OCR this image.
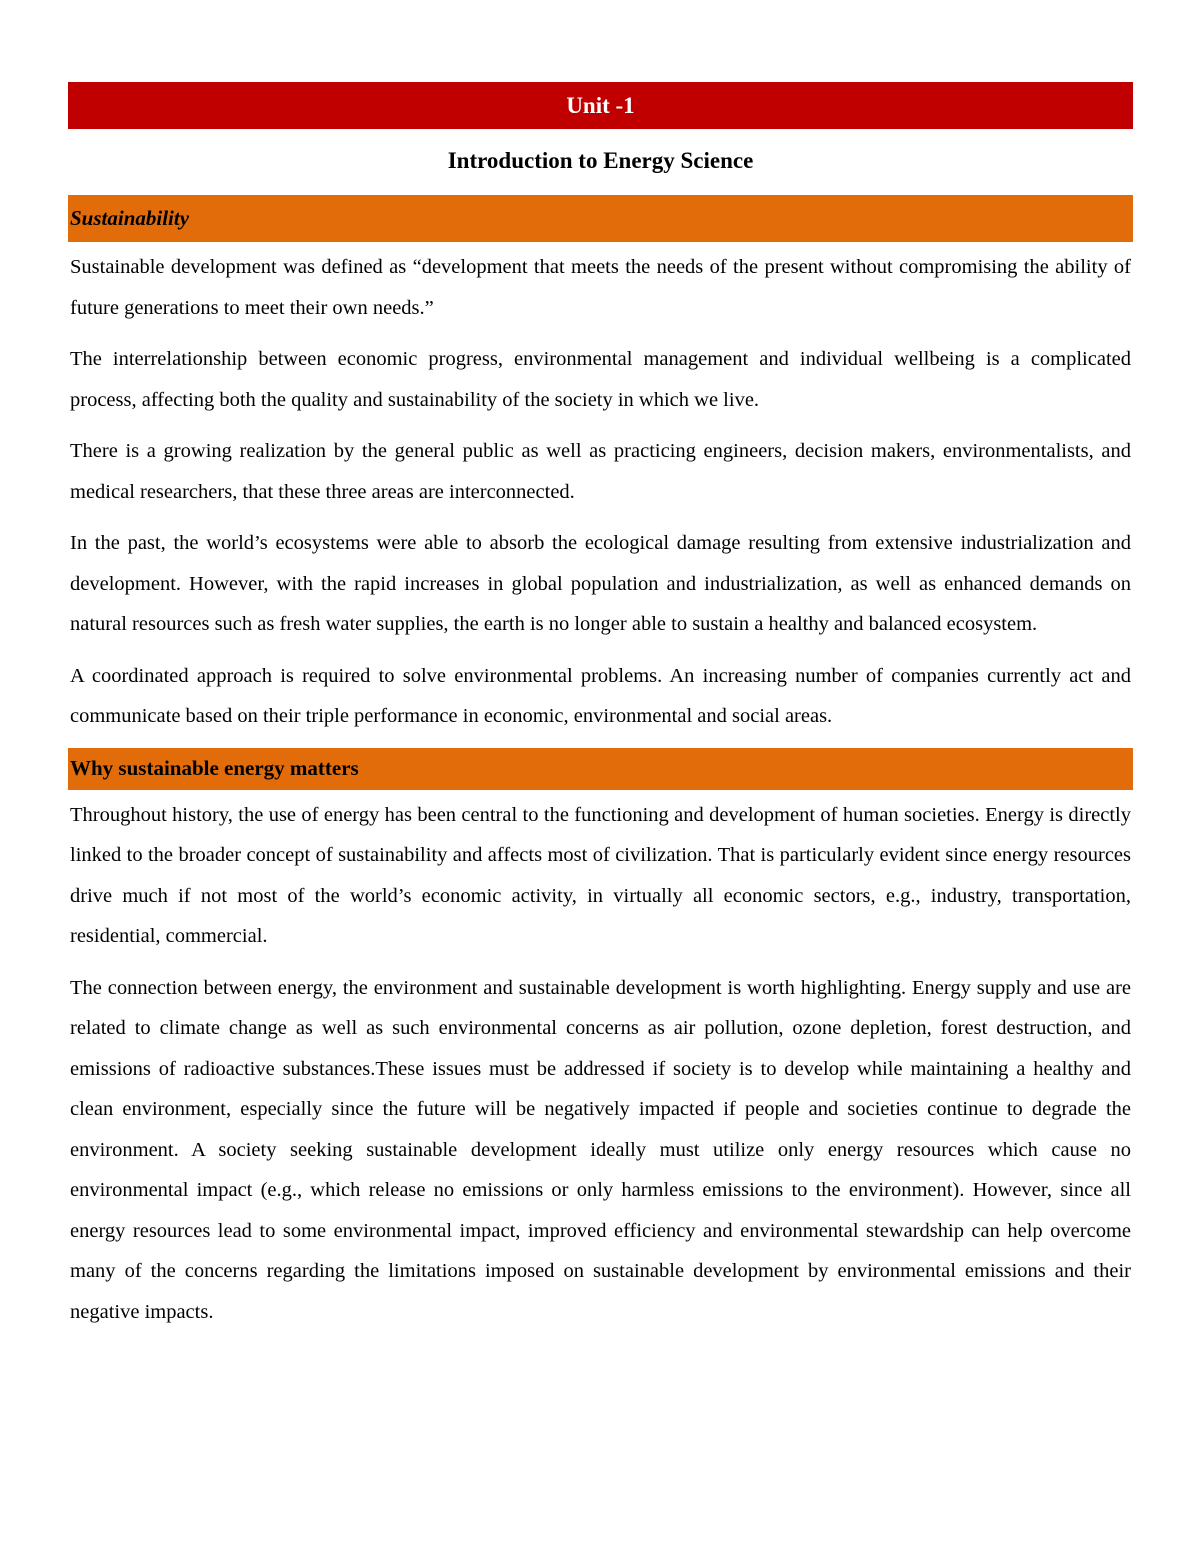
Unit -1
Introduction to Energy Science
Sustainability

Sustainable development was defined as “development that meets the needs of the present without compromising the ability of future generations to meet their own needs.”

The interrelationship between economic progress, environmental management and individual wellbeing is a complicated process, affecting both the quality and sustainability of the society in which we live.

There is a growing realization by the general public as well as practicing engineers, decision makers, environmentalists, and medical researchers, that these three areas are interconnected.

In the past, the world’s ecosystems were able to absorb the ecological damage resulting from extensive industrialization and development. However, with the rapid increases in global population and industrialization, as well as enhanced demands on natural resources such as fresh water supplies, the earth is no longer able to sustain a healthy and balanced ecosystem.

A coordinated approach is required to solve environmental problems. An increasing number of companies currently act and communicate based on their triple performance in economic, environmental and social areas.

Why sustainable energy matters

Throughout history, the use of energy has been central to the functioning and development of human societies. Energy is directly linked to the broader concept of sustainability and affects most of civilization. That is particularly evident since energy resources drive much if not most of the world’s economic activity, in virtually all economic sectors, e.g., industry, transportation, residential, commercial.

The connection between energy, the environment and sustainable development is worth highlighting. Energy supply and use are related to climate change as well as such environmental concerns as air pollution, ozone depletion, forest destruction, and emissions of radioactive substances.These issues must be addressed if society is to develop while maintaining a healthy and clean environment, especially since the future will be negatively impacted if people and societies continue to degrade the environment. A society seeking sustainable development ideally must utilize only energy resources which cause no environmental impact (e.g., which release no emissions or only harmless emissions to the environment). However, since all energy resources lead to some environmental impact, improved efficiency and environmental stewardship can help overcome many of the concerns regarding the limitations imposed on sustainable development by environmental emissions and their negative impacts.
